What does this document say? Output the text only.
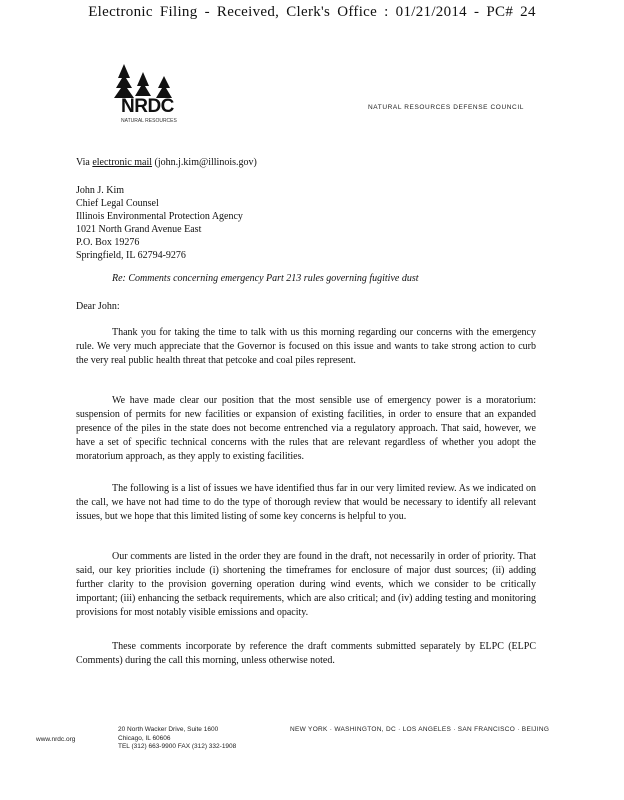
Electronic Filing - Received, Clerk's Office : 01/21/2014 - PC# 24
NRDC
NATURAL RESOURCES
NATURAL RESOURCES DEFENSE COUNCIL
Via electronic mail (john.j.kim@illinois.gov)
John J. Kim
Chief Legal Counsel
Illinois Environmental Protection Agency
1021 North Grand Avenue East
P.O. Box 19276
Springfield, IL 62794-9276
Re: Comments concerning emergency Part 213 rules governing fugitive dust
Dear John:
Thank you for taking the time to talk with us this morning regarding our concerns with the emergency rule. We very much appreciate that the Governor is focused on this issue and wants to take strong action to curb the very real public health threat that petcoke and coal piles represent.
We have made clear our position that the most sensible use of emergency power is a moratorium: suspension of permits for new facilities or expansion of existing facilities, in order to ensure that an expanded presence of the piles in the state does not become entrenched via a regulatory approach. That said, however, we have a set of specific technical concerns with the rules that are relevant regardless of whether you adopt the moratorium approach, as they apply to existing facilities.
The following is a list of issues we have identified thus far in our very limited review. As we indicated on the call, we have not had time to do the type of thorough review that would be necessary to identify all relevant issues, but we hope that this limited listing of some key concerns is helpful to you.
Our comments are listed in the order they are found in the draft, not necessarily in order of priority. That said, our key priorities include (i) shortening the timeframes for enclosure of major dust sources; (ii) adding further clarity to the provision governing operation during wind events, which we consider to be critically important; (iii) enhancing the setback requirements, which are also critical; and (iv) adding testing and monitoring provisions for most notably visible emissions and opacity.
These comments incorporate by reference the draft comments submitted separately by ELPC (ELPC Comments) during the call this morning, unless otherwise noted.
www.nrdc.org
20 North Wacker Drive, Suite 1600
Chicago, IL 60606
TEL (312) 663-9900 FAX (312) 332-1908
NEW YORK · WASHINGTON, DC · LOS ANGELES · SAN FRANCISCO · BEIJING
